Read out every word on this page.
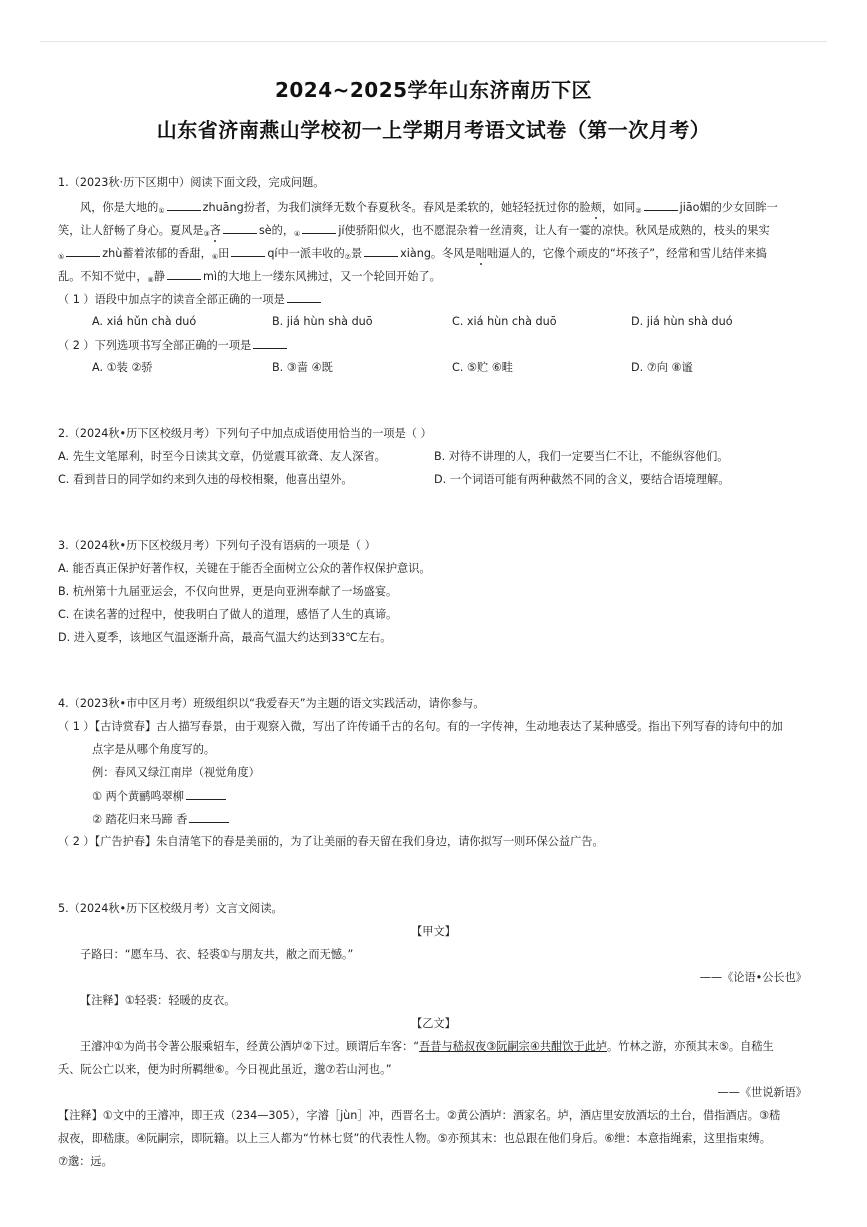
2024~2025学年山东济南历下区
山东省济南燕山学校初一上学期月考语文试卷（第一次月考）
1.（2023秋·历下区期中）阅读下面文段，完成问题。
风，你是大地的$_①$	zhuāng扮者，为我们演绎无数个春夏秋冬。春风是柔软的，她轻轻抚过你的脸颊，如同$_②$	jiāo媚的少女回眸一
笑，让人舒畅了身心。夏风是$_③$吝	sè的，$_④$	jí使骄阳似火，也不愿混杂着一丝清爽，让人有一霎的凉快。秋风是成熟的，枝头的果实
$_⑤$	zhù蓄着浓郁的香甜，$_⑥$田	qí中一派丰收的$_⑦$景	xiàng。冬风是咄咄逼人的，它像个顽皮的“坏孩子”，经常和雪儿结伴来捣
乱。不知不觉中，$_⑧$静	mì的大地上一缕东风拂过，又一个轮回开始了。
（ 1 ）语段中加点字的读音全部正确的一项是
A. xiá hǔn chà duó	B. jiá hùn shà duō	C. xiá hùn chà duō	D. jiá hùn shà duó
（ 2 ）下列选项书写全部正确的一项是
A. ①装 ②骄	B. ③啬 ④既	C. ⑤贮 ⑥畦	D. ⑦向 ⑧谧
2.（2024秋•历下区校级月考）下列句子中加点成语使用恰当的一项是（ ）
A. 先生文笔犀利，时至今日读其文章，仍觉震耳欲聋、友人深省。	B. 对待不讲理的人，我们一定要当仁不让，不能纵容他们。
C. 看到昔日的同学如约来到久违的母校相聚，他喜出望外。	D. 一个词语可能有两种截然不同的含义，要结合语境理解。
3.（2024秋•历下区校级月考）下列句子没有语病的一项是（ ）
A. 能否真正保护好著作权，关键在于能否全面树立公众的著作权保护意识。
B. 杭州第十九届亚运会，不仅向世界，更是向亚洲奉献了一场盛宴。
C. 在读名著的过程中，使我明白了做人的道理，感悟了人生的真谛。
D. 进入夏季，该地区气温逐渐升高，最高气温大约达到33℃左右。
4.（2023秋•市中区月考）班级组织以“我爱春天”为主题的语文实践活动，请你参与。
（ 1 ）【古诗赏春】古人描写春景，由于观察入微，写出了许传诵千古的名句。有的一字传神，生动地表达了某种感受。指出下列写春的诗句中的加
点字是从哪个角度写的。
例：春风又绿江南岸（视觉角度）
① 两个黄鹂鸣翠柳
② 踏花归来马蹄 香
（ 2 ）【广告护春】朱自清笔下的春是美丽的，为了让美丽的春天留在我们身边，请你拟写一则环保公益广告。
5.（2024秋•历下区校级月考）文言文阅读。
【甲文】
子路曰：“愿车马、衣、轻裘①与朋友共，敝之而无憾。”
——《论语•公长也》
【注释】①轻裘：轻暖的皮衣。
【乙文】
王濬冲①为尚书令著公服乘轺车，经黄公酒垆②下过。顾谓后车客：“吾昔与嵇叔夜③阮嗣宗④共酣饮于此垆。竹林之游，亦预其末⑤。自嵇生
夭、阮公亡以来，便为时所羁绁⑥。今日视此虽近，邈⑦若山河也。”
——《世说新语》
【注释】①文中的王濬冲，即王戎（234—305），字濬［jùn］冲，西晋名士。②黄公酒垆：酒家名。垆，酒店里安放酒坛的土台，借指酒店。③嵇
叔夜，即嵇康。④阮嗣宗，即阮籍。以上三人都为“竹林七贤”的代表性人物。⑤亦预其末：也总跟在他们身后。⑥绁：本意指绳索，这里指束缚。
⑦邈：远。
